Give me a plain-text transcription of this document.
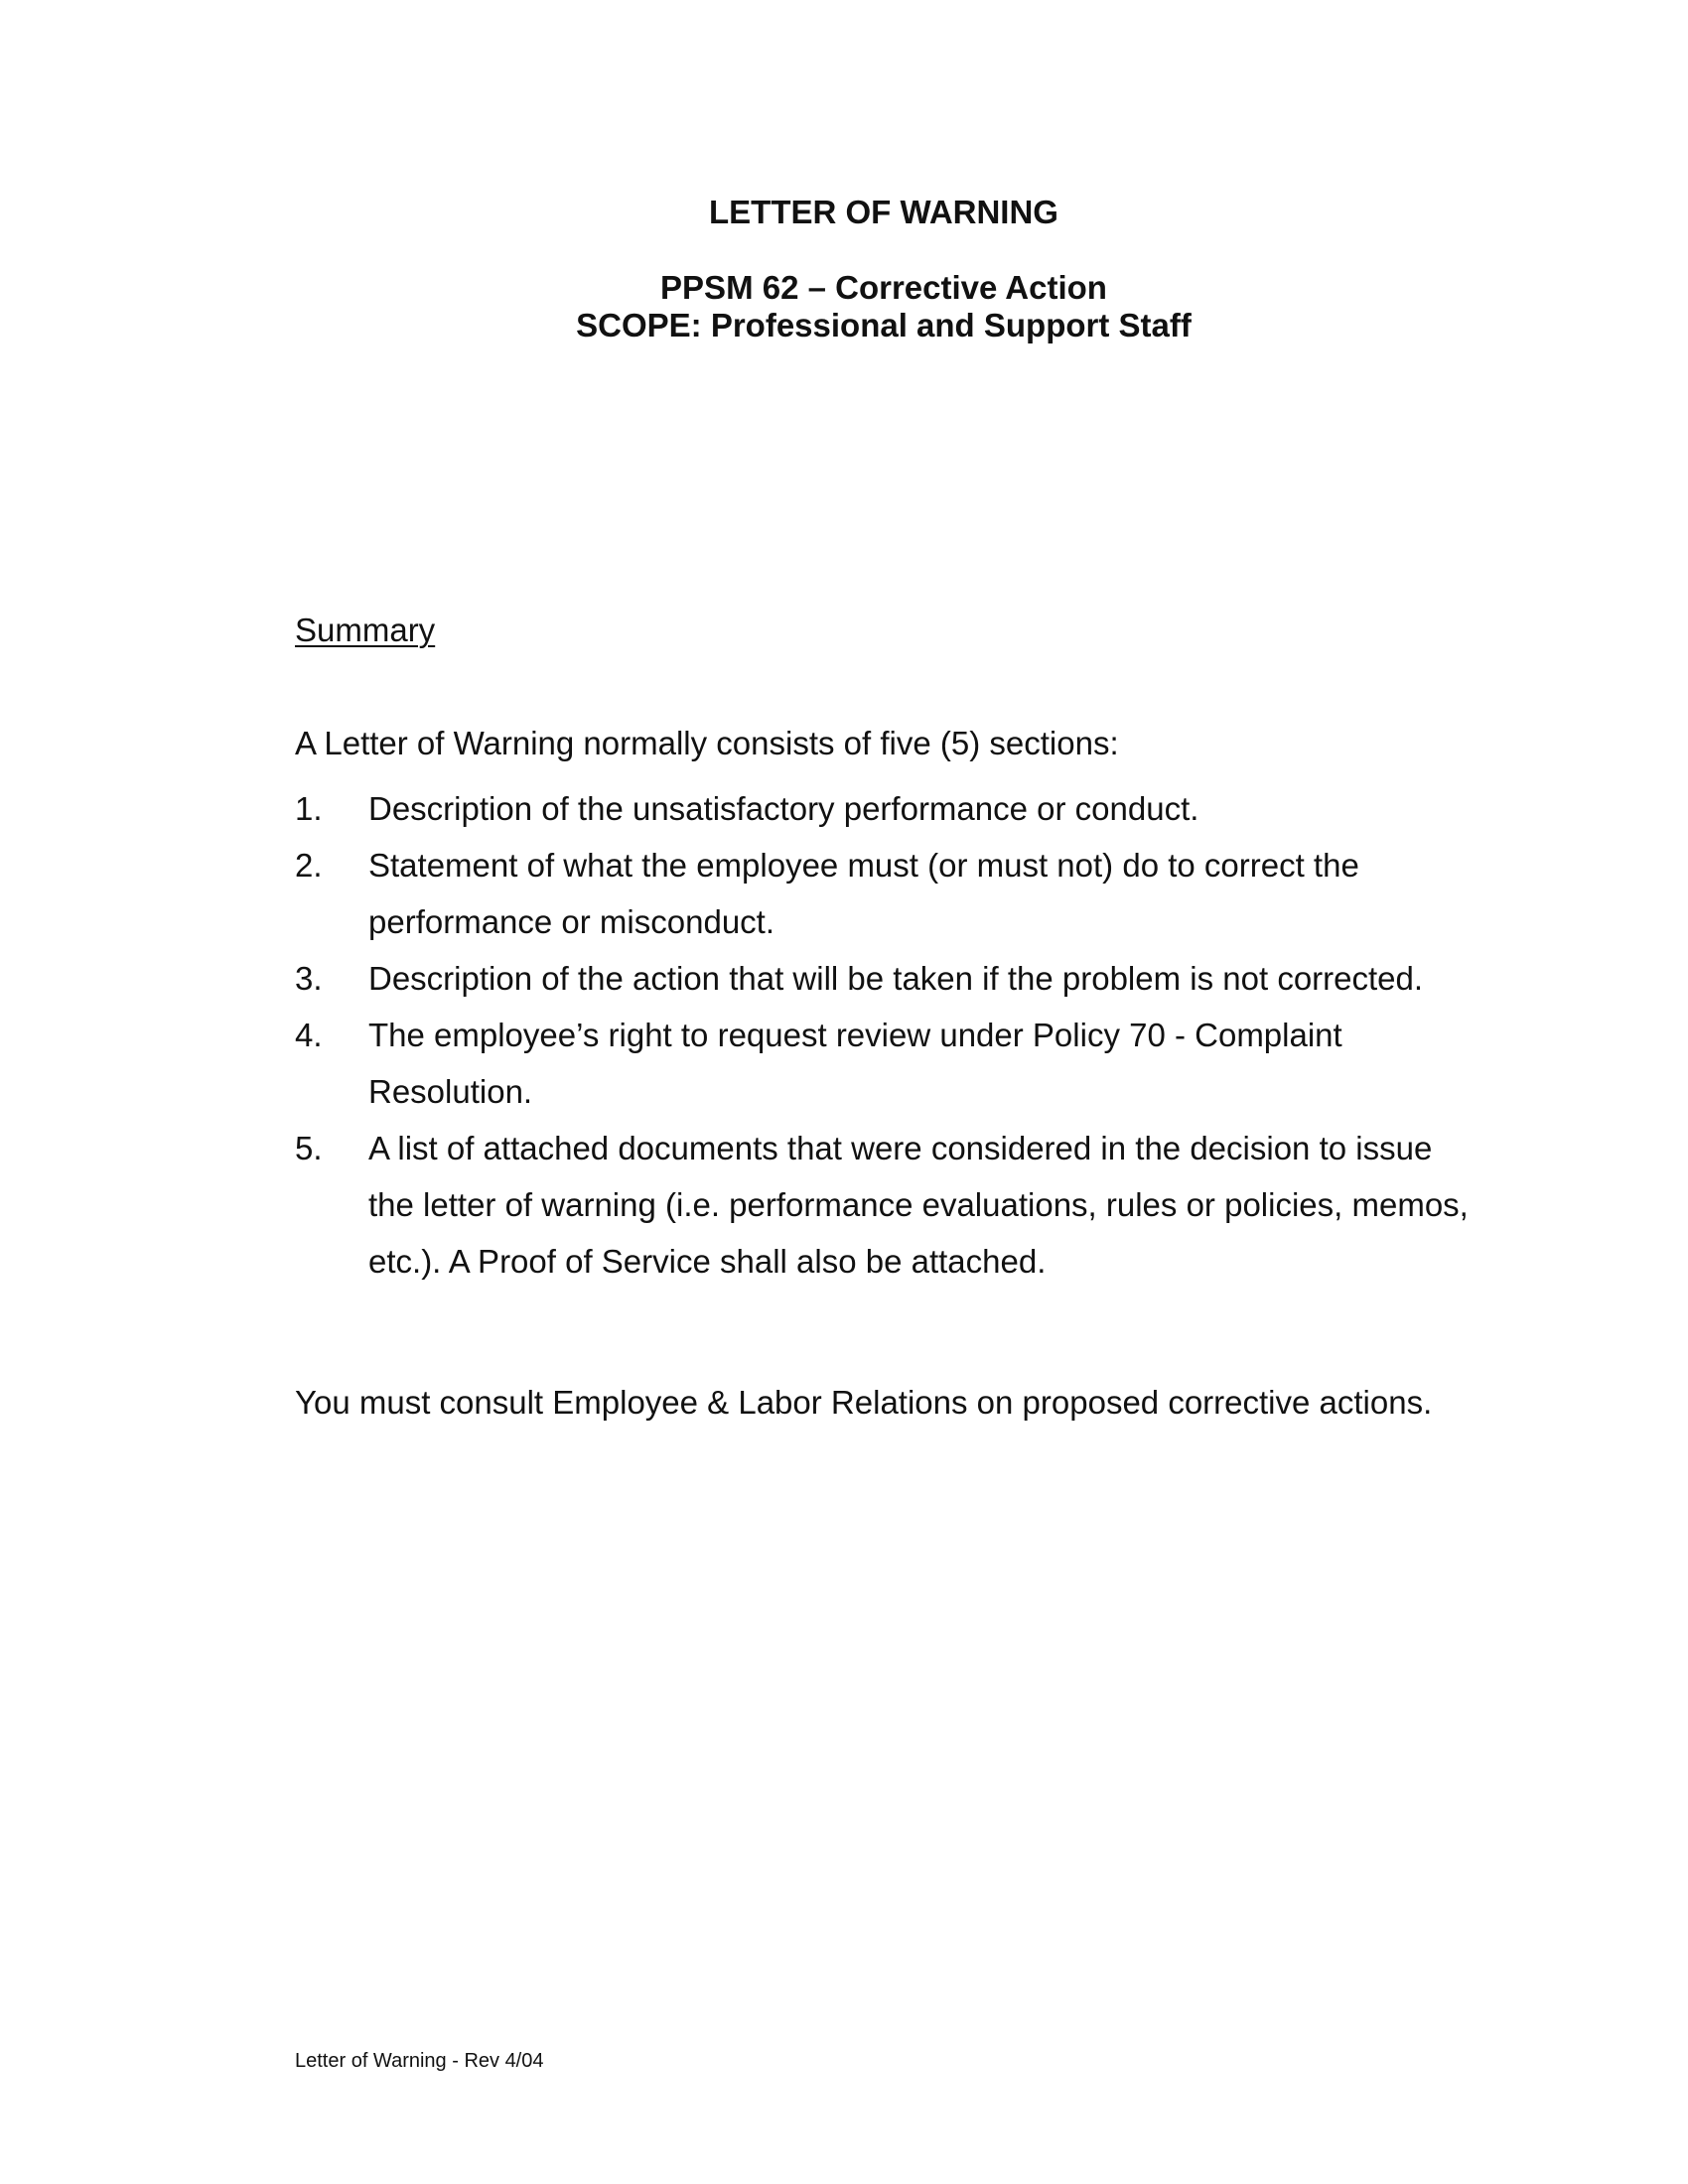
LETTER OF WARNING
PPSM 62 – Corrective Action
SCOPE: Professional and Support Staff
Summary
A Letter of Warning normally consists of five (5) sections:
1. Description of the unsatisfactory performance or conduct.
2. Statement of what the employee must (or must not) do to correct the
performance or misconduct.
3. Description of the action that will be taken if the problem is not corrected.
4. The employee’s right to request review under Policy 70 - Complaint
Resolution.
5. A list of attached documents that were considered in the decision to issue
the letter of warning (i.e. performance evaluations, rules or policies, memos,
etc.). A Proof of Service shall also be attached.
You must consult Employee & Labor Relations on proposed corrective actions.
Letter of Warning - Rev 4/04
